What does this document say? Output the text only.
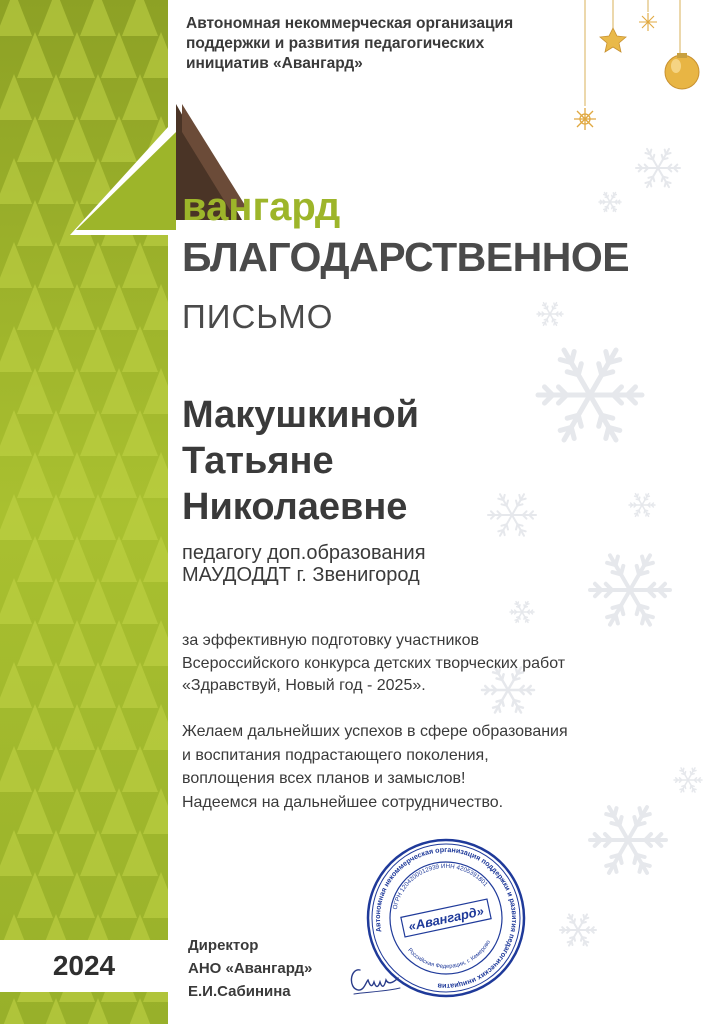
Автономная некоммерческая организация
поддержки и развития педагогических
инициатив «Авангард»
вангард
БЛАГОДАРСТВЕННОЕ
ПИСЬМО
Макушкиной
Татьяне
Николаевне
педагогу доп.образования
МАУДОДДТ г. Звенигород
за эффективную подготовку участников
Всероссийского конкурса детских творческих работ
«Здравствуй, Новый год - 2025».
Желаем дальнейших успехов в сфере образования
и воспитания подрастающего поколения,
воплощения всех планов и замыслов!
Надеемся на дальнейшее сотрудничество.
2024
Директор
АНО «Авангард»
Е.И.Сабинина
Автономная некоммерческая организация поддержки и развития педагогических инициатив
ОГРН 1204200012939 ИНН 4205391801
Российская Федерация, г. Кемерово
«Авангард»
